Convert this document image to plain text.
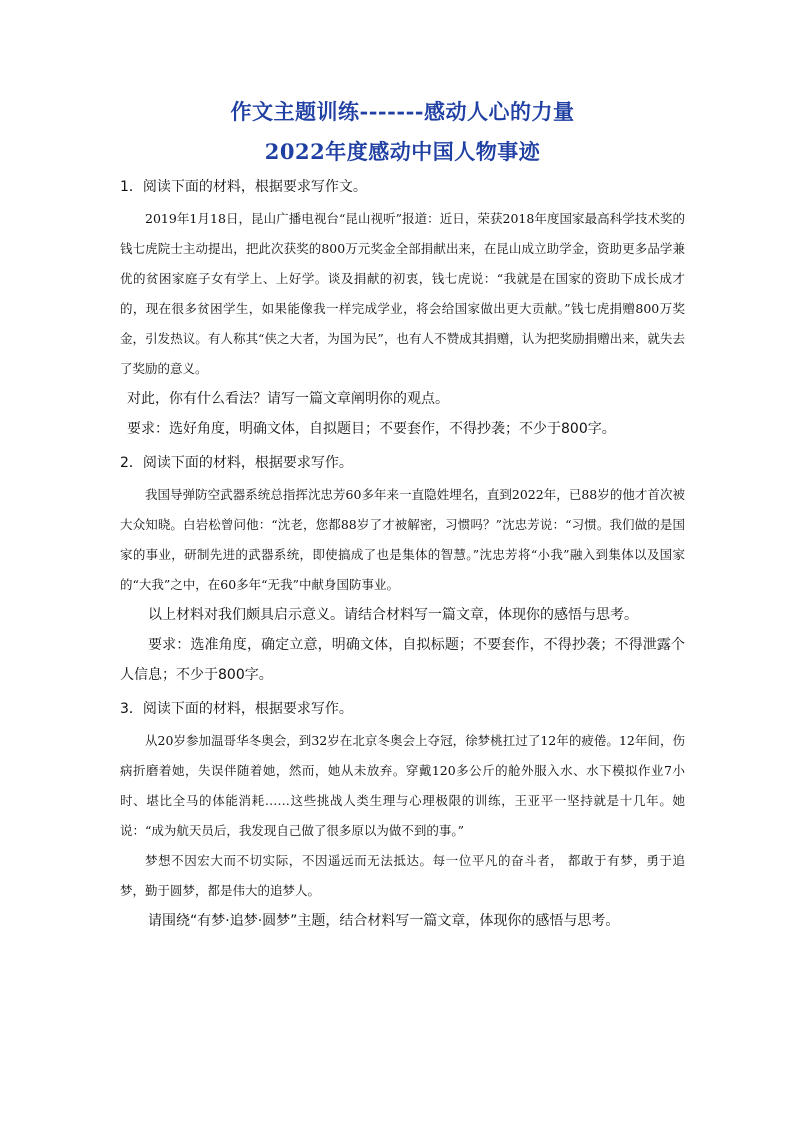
作文主题训练-------感动人心的力量
2022年度感动中国人物事迹

1．阅读下面的材料，根据要求写作文。

2019年1月18日，昆山广播电视台“昆山视听”报道：近日，荣获2018年度国家最高科学技术奖的钱七虎院士主动提出，把此次获奖的800万元奖金全部捐献出来，在昆山成立助学金，资助更多品学兼优的贫困家庭子女有学上、上好学。谈及捐献的初衷，钱七虎说：“我就是在国家的资助下成长成才的，现在很多贫困学生，如果能像我一样完成学业，将会给国家做出更大贡献。”钱七虎捐赠800万奖金，引发热议。有人称其“侠之大者，为国为民”，也有人不赞成其捐赠，认为把奖励捐赠出来，就失去了奖励的意义。

对此，你有什么看法？请写一篇文章阐明你的观点。

要求：选好角度，明确文体，自拟题目；不要套作，不得抄袭；不少于800字。

2．阅读下面的材料，根据要求写作。

我国导弹防空武器系统总指挥沈忠芳60多年来一直隐姓埋名，直到2022年，已88岁的他才首次被大众知晓。白岩松曾问他：“沈老，您都88岁了才被解密，习惯吗？”沈忠芳说：“习惯。我们做的是国家的事业，研制先进的武器系统，即使搞成了也是集体的智慧。”沈忠芳将“小我”融入到集体以及国家的“大我”之中，在60多年“无我”中献身国防事业。

以上材料对我们颇具启示意义。请结合材料写一篇文章，体现你的感悟与思考。

要求：选准角度，确定立意，明确文体，自拟标题；不要套作，不得抄袭；不得泄露个人信息；不少于800字。

3．阅读下面的材料，根据要求写作。

从20岁参加温哥华冬奥会，到32岁在北京冬奥会上夺冠，徐梦桃扛过了12年的疲倦。12年间，伤病折磨着她，失误伴随着她，然而，她从未放弃。穿戴120多公斤的舱外服入水、水下模拟作业7小时、堪比全马的体能消耗……这些挑战人类生理与心理极限的训练，王亚平一坚持就是十几年。她说：“成为航天员后，我发现自己做了很多原以为做不到的事。”

梦想不因宏大而不切实际，不因遥远而无法抵达。每一位平凡的奋斗者， 都敢于有梦，勇于追梦，勤于圆梦，都是伟大的追梦人。

请围绕“有梦·追梦·圆梦”主题，结合材料写一篇文章，体现你的感悟与思考。
